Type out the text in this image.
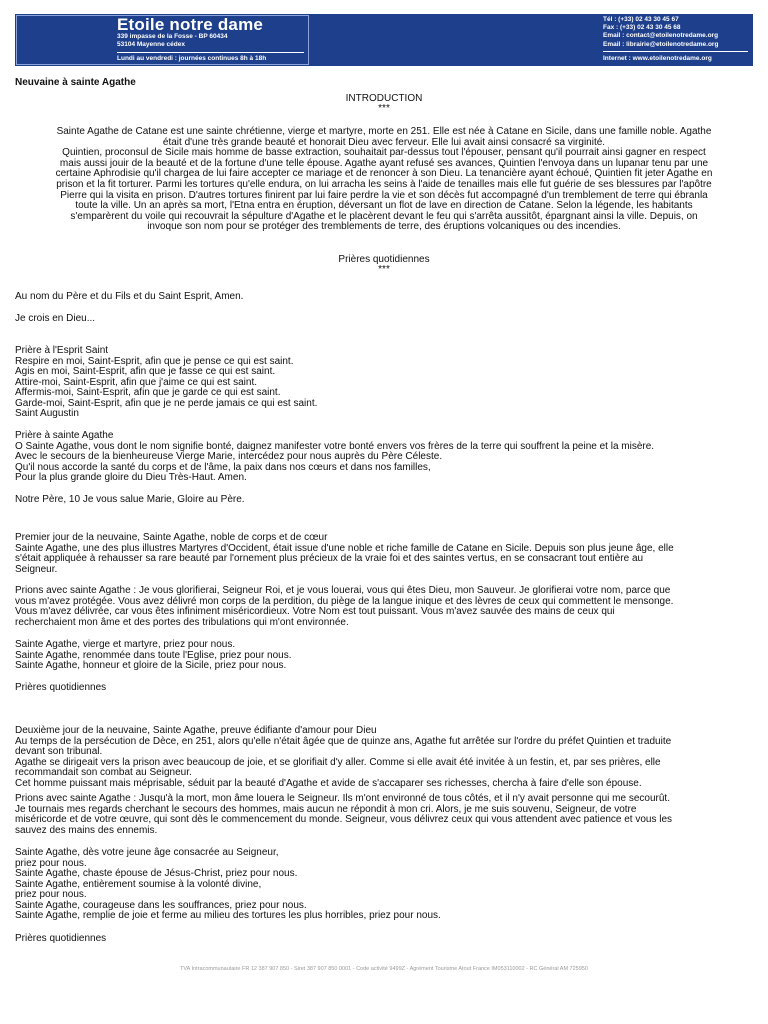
Etoile notre dame
339 impasse de la Fosse - BP 60434
53104 Mayenne cédex
Lundi au vendredi : journées continues 8h à 18h
Tél : (+33) 02 43 30 45 67
Fax : (+33) 02 43 30 45 68
Email : contact@etoilenotredame.org
Email : librairie@etoilenotredame.org
Internet : www.etoilenotredame.org
Neuvaine à sainte Agathe
INTRODUCTION
***
Sainte Agathe de Catane est une sainte chrétienne, vierge et martyre, morte en 251. Elle est née à Catane en Sicile, dans une famille noble. Agathe
était d'une très grande beauté et honorait Dieu avec ferveur. Elle lui avait ainsi consacré sa virginité.
Quintien, proconsul de Sicile mais homme de basse extraction, souhaitait par-dessus tout l'épouser, pensant qu'il pourrait ainsi gagner en respect
mais aussi jouir de la beauté et de la fortune d'une telle épouse. Agathe ayant refusé ses avances, Quintien l'envoya dans un lupanar tenu par une
certaine Aphrodisie qu'il chargea de lui faire accepter ce mariage et de renoncer à son Dieu. La tenancière ayant échoué, Quintien fit jeter Agathe en
prison et la fit torturer. Parmi les tortures qu'elle endura, on lui arracha les seins à l'aide de tenailles mais elle fut guérie de ses blessures par l'apôtre
Pierre qui la visita en prison. D'autres tortures finirent par lui faire perdre la vie et son décès fut accompagné d'un tremblement de terre qui ébranla
toute la ville. Un an après sa mort, l'Etna entra en éruption, déversant un flot de lave en direction de Catane. Selon la légende, les habitants
s'emparèrent du voile qui recouvrait la sépulture d'Agathe et le placèrent devant le feu qui s'arrêta aussitôt, épargnant ainsi la ville. Depuis, on
invoque son nom pour se protéger des tremblements de terre, des éruptions volcaniques ou des incendies.
Prières quotidiennes
***
Au nom du Père et du Fils et du Saint Esprit, Amen.
Je crois en Dieu...
Prière à l'Esprit Saint
Respire en moi, Saint-Esprit, afin que je pense ce qui est saint.
Agis en moi, Saint-Esprit, afin que je fasse ce qui est saint.
Attire-moi, Saint-Esprit, afin que j'aime ce qui est saint.
Affermis-moi, Saint-Esprit, afin que je garde ce qui est saint.
Garde-moi, Saint-Esprit, afin que je ne perde jamais ce qui est saint.
Saint Augustin
Prière à sainte Agathe
O Sainte Agathe, vous dont le nom signifie bonté, daignez manifester votre bonté envers vos frères de la terre qui souffrent la peine et la misère.
Avec le secours de la bienheureuse Vierge Marie, intercédez pour nous auprès du Père Céleste.
Qu'il nous accorde la santé du corps et de l'âme, la paix dans nos cœurs et dans nos familles,
Pour la plus grande gloire du Dieu Très-Haut. Amen.
Notre Père, 10 Je vous salue Marie, Gloire au Père.
Premier jour de la neuvaine, Sainte Agathe, noble de corps et de cœur
Sainte Agathe, une des plus illustres Martyres d'Occident, était issue d'une noble et riche famille de Catane en Sicile. Depuis son plus jeune âge, elle
s'était appliquée à rehausser sa rare beauté par l'ornement plus précieux de la vraie foi et des saintes vertus, en se consacrant tout entière au
Seigneur.
Prions avec sainte Agathe : Je vous glorifierai, Seigneur Roi, et je vous louerai, vous qui êtes Dieu, mon Sauveur. Je glorifierai votre nom, parce que
vous m'avez protégée. Vous avez délivré mon corps de la perdition, du piège de la langue inique et des lèvres de ceux qui commettent le mensonge.
Vous m'avez délivrée, car vous êtes infiniment miséricordieux. Votre Nom est tout puissant. Vous m'avez sauvée des mains de ceux qui
recherchaient mon âme et des portes des tribulations qui m'ont environnée.
Sainte Agathe, vierge et martyre, priez pour nous.
Sainte Agathe, renommée dans toute l'Eglise, priez pour nous.
Sainte Agathe, honneur et gloire de la Sicile, priez pour nous.
Prières quotidiennes
Deuxième jour de la neuvaine, Sainte Agathe, preuve édifiante d'amour pour Dieu
Au temps de la persécution de Dèce, en 251, alors qu'elle n'était âgée que de quinze ans, Agathe fut arrêtée sur l'ordre du préfet Quintien et traduite
devant son tribunal.
Agathe se dirigeait vers la prison avec beaucoup de joie, et se glorifiait d'y aller. Comme si elle avait été invitée à un festin, et, par ses prières, elle
recommandait son combat au Seigneur.
Cet homme puissant mais méprisable, séduit par la beauté d'Agathe et avide de s'accaparer ses richesses, chercha à faire d'elle son épouse.
Prions avec sainte Agathe : Jusqu'à la mort, mon âme louera le Seigneur. Ils m'ont environné de tous côtés, et il n'y avait personne qui me secourût.
Je tournais mes regards cherchant le secours des hommes, mais aucun ne répondit à mon cri. Alors, je me suis souvenu, Seigneur, de votre
miséricorde et de votre œuvre, qui sont dès le commencement du monde. Seigneur, vous délivrez ceux qui vous attendent avec patience et vous les
sauvez des mains des ennemis.
Sainte Agathe, dès votre jeune âge consacrée au Seigneur,
priez pour nous.
Sainte Agathe, chaste épouse de Jésus-Christ, priez pour nous.
Sainte Agathe, entièrement soumise à la volonté divine,
priez pour nous.
Sainte Agathe, courageuse dans les souffrances, priez pour nous.
Sainte Agathe, remplie de joie et ferme au milieu des tortures les plus horribles, priez pour nous.
Prières quotidiennes
TVA Intracommunautaire FR 12 387 907 850 - Siret 387 907 850 0001 - Code activité 9499Z - Agrément Tourisme Atout France IM053110002 - RC Général AM 725950
